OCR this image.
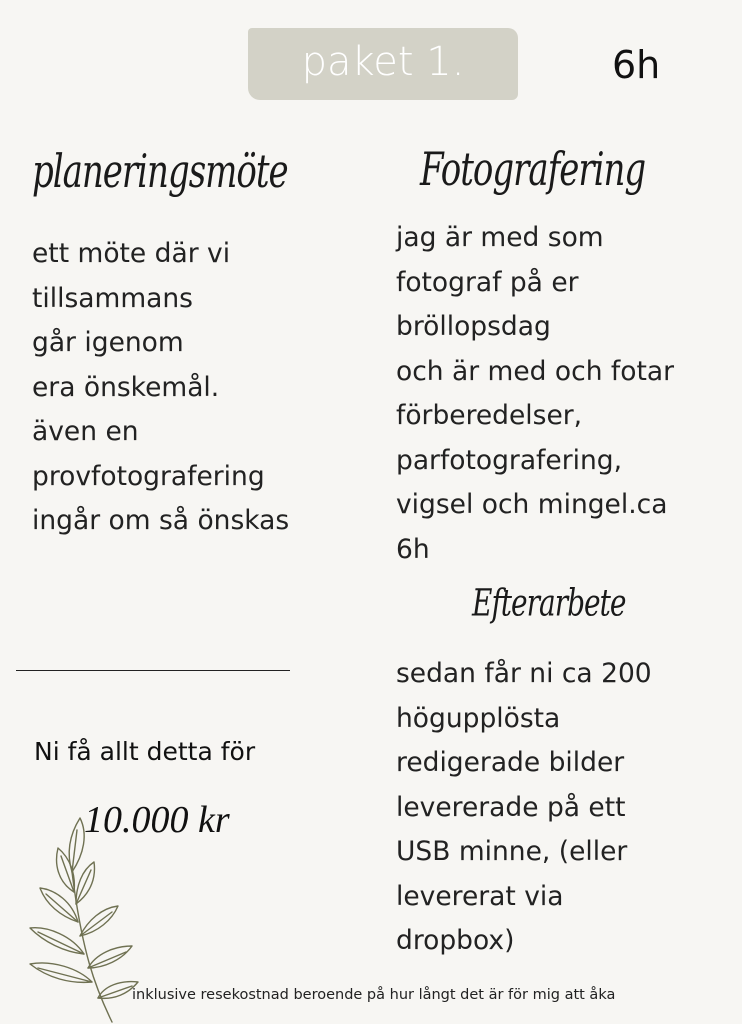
paket 1.	6h
planeringsmöte
ett möte där vi
tillsammans
går igenom
era önskemål.
även en
provfotografering
ingår om så önskas
Fotografering
jag är med som
fotograf på er
bröllopsdag
och är med och fotar
förberedelser,
parfotografering,
vigsel och mingel.ca
6h
Efterarbete
sedan får ni ca 200
högupplösta
redigerade bilder
levererade på ett
USB minne, (eller
levererat via
dropbox)
Ni få allt detta för
10.000 kr
inklusive resekostnad beroende på hur långt det är för mig att åka
